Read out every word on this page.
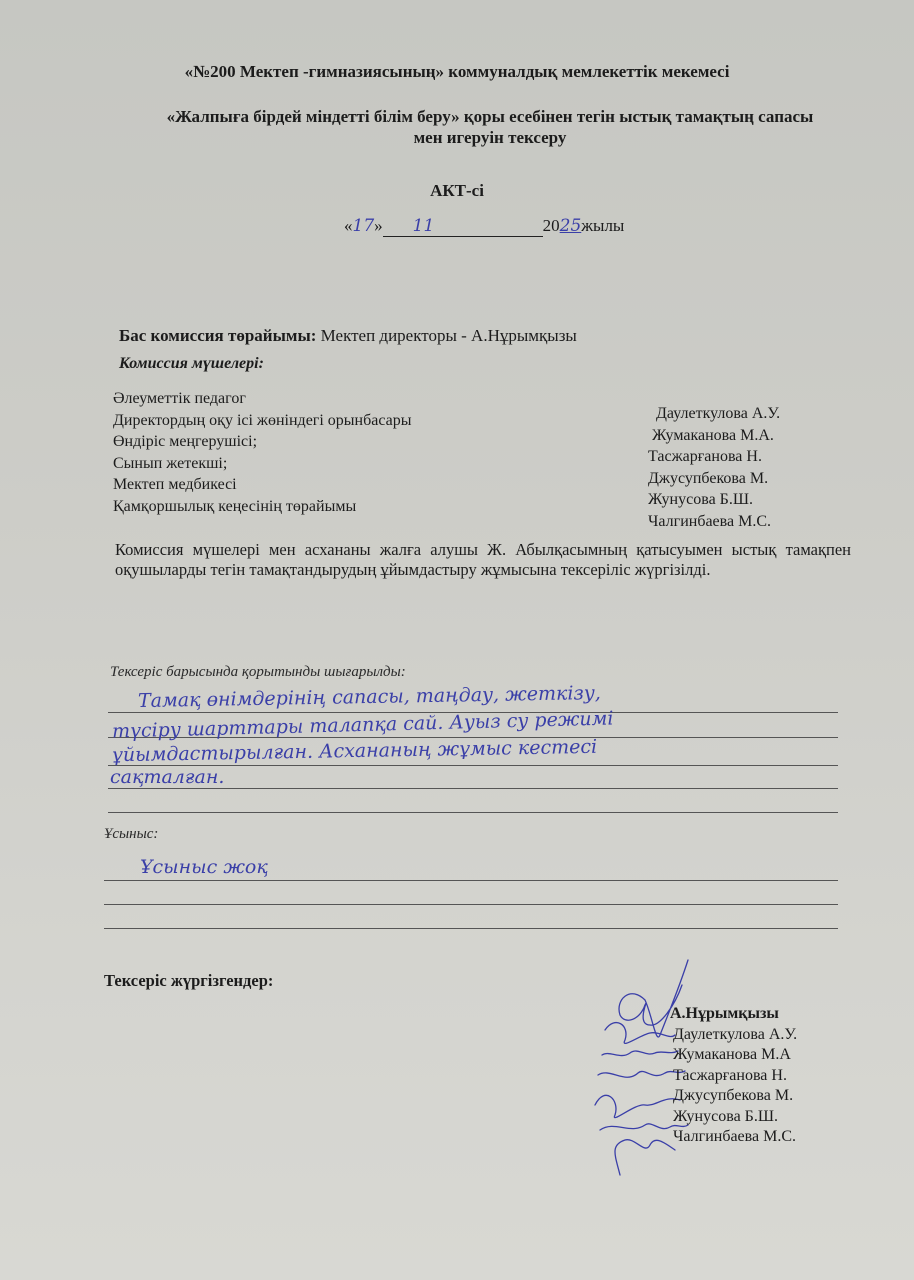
«№200 Мектеп -гимназиясының» коммуналдық мемлекеттік мекемесі
«Жалпыға бірдей міндетті білім беру» қоры есебінен тегін ыстық тамақтың сапасы
мен игеруін тексеру
АКТ-сі
«17» 11	2025жылы
Бас комиссия төрайымы: Мектеп директоры - А.Нұрымқызы
Комиссия мүшелері:
Әлеуметтік педагог
Директордың оқу ісі жөніндегі орынбасары
Өндіріс меңгерушісі;
Сынып жетекші;
Мектеп медбикесі
Қамқоршылық кеңесінің төрайымы
Даулеткулова А.У.
Жумаканова М.А.
Тасжарғанова Н.
Джусупбекова М.
Жунусова Б.Ш.
Чалгинбаева М.С.
Комиссия мүшелері мен асхананы жалға алушы Ж. Абылқасымның қатысуымен ыстық тамақпен оқушыларды тегін тамақтандырудың ұйымдастыру жұмысына тексеріліс жүргізілді.
Тексеріс барысында қорытынды шығарылды:
Тамақ өнімдерінің сапасы, таңдау, жеткізу,
түсіру шарттары талапқа сай. Ауыз су режимі
ұйымдастырылған. Асхананың жұмыс кестесі
сақталған.
Ұсыныс:
Ұсыныс жоқ
Тексеріс жүргізгендер:
А.Нұрымқызы
Даулеткулова А.У.
Жумаканова М.А
Тасжарғанова Н.
Джусупбекова М.
Жунусова Б.Ш.
Чалгинбаева М.С.
